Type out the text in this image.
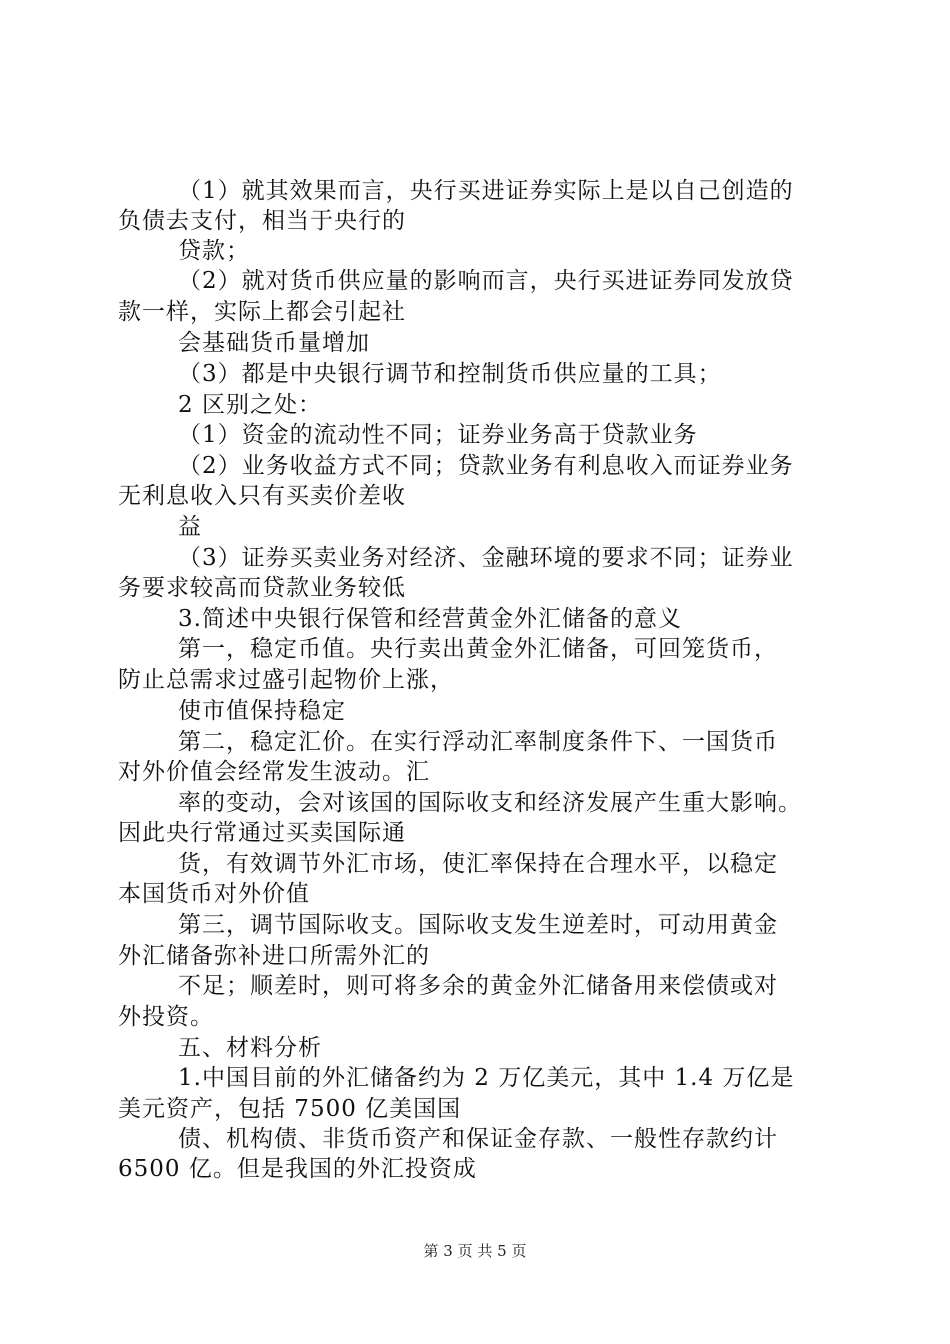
（1）就其效果而言，央行买进证券实际上是以自己创造的
负债去支付，相当于央行的
贷款；
（2）就对货币供应量的影响而言，央行买进证券同发放贷
款一样，实际上都会引起社
会基础货币量增加
（3）都是中央银行调节和控制货币供应量的工具；
2 区别之处：
（1）资金的流动性不同；证券业务高于贷款业务
（2）业务收益方式不同；贷款业务有利息收入而证券业务
无利息收入只有买卖价差收
益
（3）证券买卖业务对经济、金融环境的要求不同；证券业
务要求较高而贷款业务较低
3.简述中央银行保管和经营黄金外汇储备的意义
第一，稳定币值。央行卖出黄金外汇储备，可回笼货币，
防止总需求过盛引起物价上涨，
使市值保持稳定
第二，稳定汇价。在实行浮动汇率制度条件下、一国货币
对外价值会经常发生波动。汇
率的变动，会对该国的国际收支和经济发展产生重大影响。
因此央行常通过买卖国际通
货，有效调节外汇市场，使汇率保持在合理水平，以稳定
本国货币对外价值
第三，调节国际收支。国际收支发生逆差时，可动用黄金
外汇储备弥补进口所需外汇的
不足；顺差时，则可将多余的黄金外汇储备用来偿债或对
外投资。
五、材料分析
1.中国目前的外汇储备约为 2 万亿美元，其中 1.4 万亿是
美元资产，包括 7500 亿美国国
债、机构债、非货币资产和保证金存款、一般性存款约计
6500 亿。但是我国的外汇投资成
第 3 页 共 5 页
